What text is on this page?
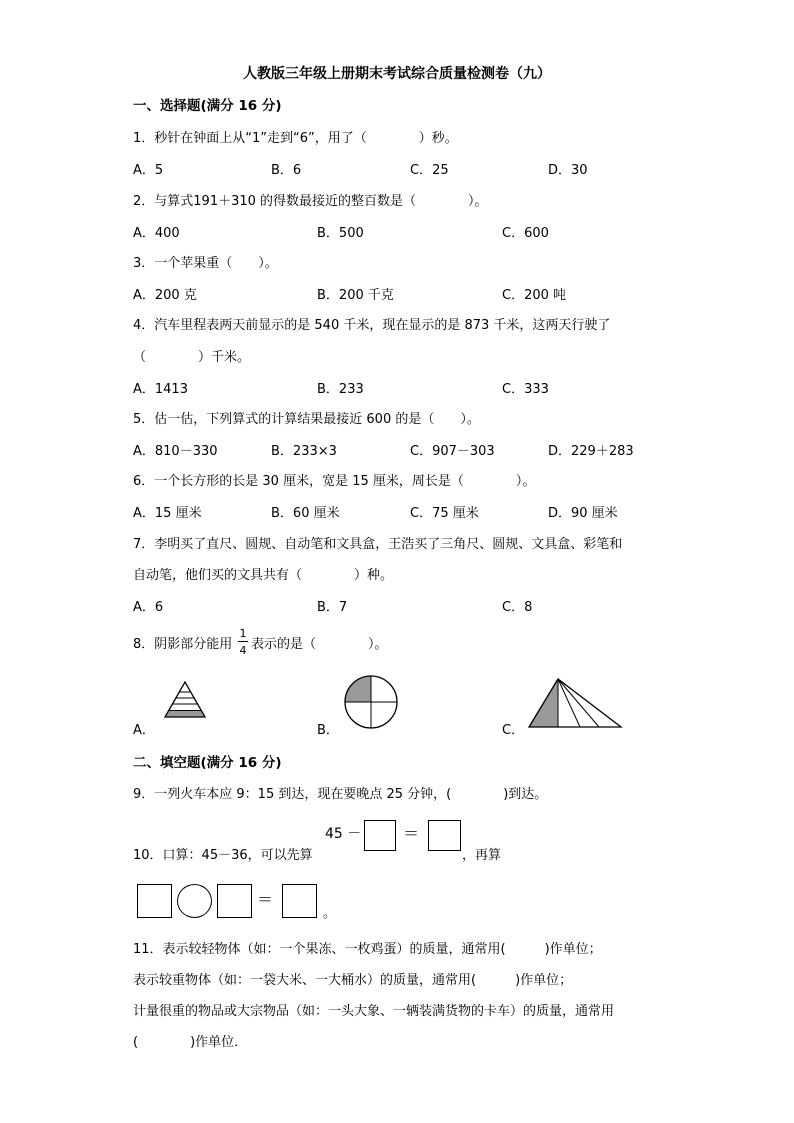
人教版三年级上册期末考试综合质量检测卷（九）
一、选择题(满分 16 分)
1．秒针在钟面上从“1”走到“6”，用了（　　　　）秒。
A．5	B．6	C．25	D．30
2．与算式191＋310 的得数最接近的整百数是（　　　　）。
A．400	B．500	C．600
3．一个苹果重（　　）。
A．200 克	B．200 千克	C．200 吨
4．汽车里程表两天前显示的是 540 千米，现在显示的是 873 千米，这两天行驶了
（　　　　）千米。
A．1413	B．233	C．333
5．估一估，下列算式的计算结果最接近 600 的是（　　）。
A．810－330	B．233×3	C．907－303	D．229＋283
6．一个长方形的长是 30 厘米，宽是 15 厘米，周长是（　　　　）。
A．15 厘米	B．60 厘米	C．75 厘米	D．90 厘米
7．李明买了直尺、圆规、自动笔和文具盒，王浩买了三角尺、圆规、文具盒、彩笔和
自动笔，他们买的文具共有（　　　　）种。
A．6	B．7	C．8
8．阴影部分能用
1
4 表示的是（　　　　）。
A．	B．	C．
二、填空题(满分 16 分)
9．一列火车本应 9：15 到达，现在要晚点 25 分钟，(　　　　)到达。
45 －	＝
10．口算：45－36，可以先算	，再算
＝
。
11．表示较轻物体（如：一个果冻、一枚鸡蛋）的质量，通常用(　　　)作单位；
表示较重物体（如：一袋大米、一大桶水）的质量，通常用(　　　)作单位；
计量很重的物品或大宗物品（如：一头大象、一辆装满货物的卡车）的质量，通常用
(　　　　)作单位．
